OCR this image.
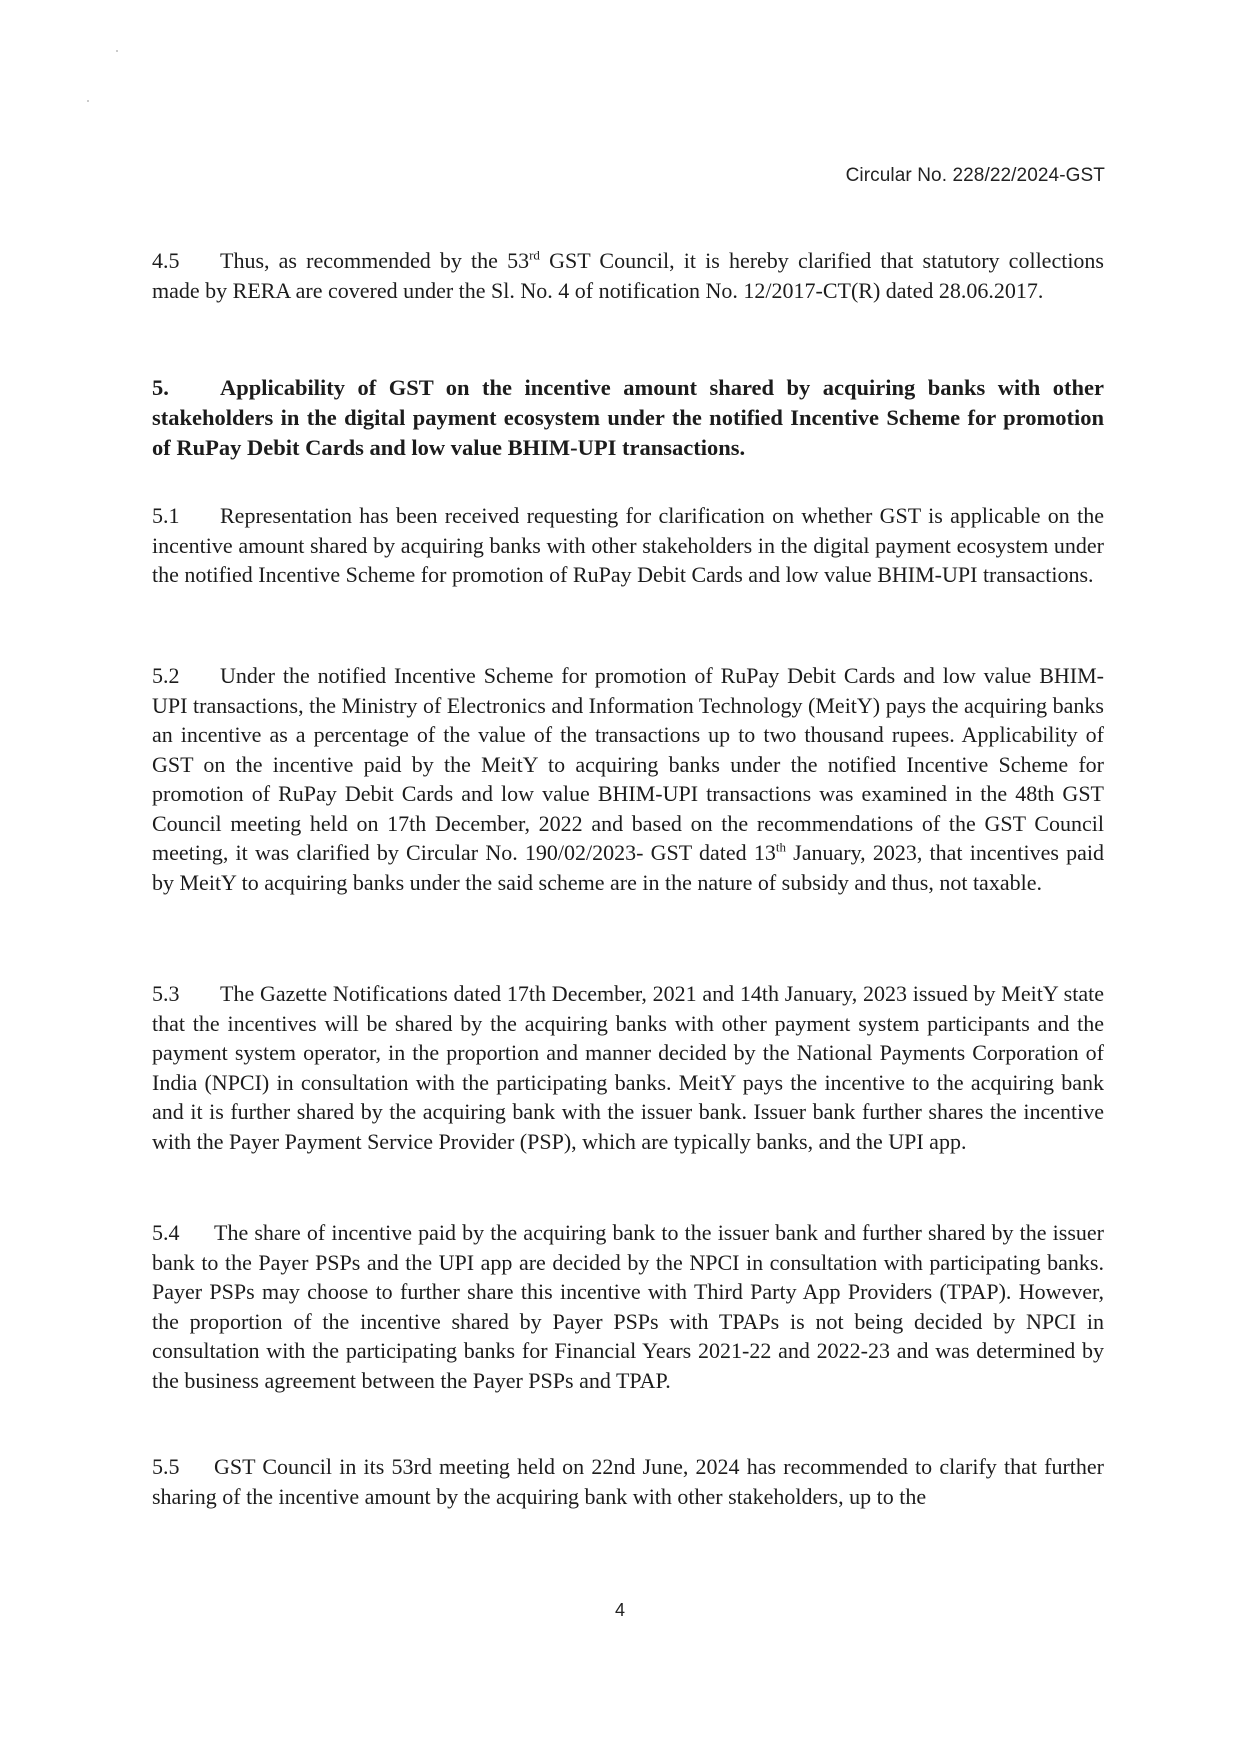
Circular No. 228/22/2024-GST

4.5 Thus, as recommended by the 53rd GST Council, it is hereby clarified that statutory collections made by RERA are covered under the Sl. No. 4 of notification No. 12/2017-CT(R) dated 28.06.2017.

5. Applicability of GST on the incentive amount shared by acquiring banks with other stakeholders in the digital payment ecosystem under the notified Incentive Scheme for promotion of RuPay Debit Cards and low value BHIM-UPI transactions.

5.1 Representation has been received requesting for clarification on whether GST is applicable on the incentive amount shared by acquiring banks with other stakeholders in the digital payment ecosystem under the notified Incentive Scheme for promotion of RuPay Debit Cards and low value BHIM-UPI transactions.

5.2 Under the notified Incentive Scheme for promotion of RuPay Debit Cards and low value BHIM-UPI transactions, the Ministry of Electronics and Information Technology (MeitY) pays the acquiring banks an incentive as a percentage of the value of the transactions up to two thousand rupees. Applicability of GST on the incentive paid by the MeitY to acquiring banks under the notified Incentive Scheme for promotion of RuPay Debit Cards and low value BHIM-UPI transactions was examined in the 48th GST Council meeting held on 17th December, 2022 and based on the recommendations of the GST Council meeting, it was clarified by Circular No. 190/02/2023- GST dated 13th January, 2023, that incentives paid by MeitY to acquiring banks under the said scheme are in the nature of subsidy and thus, not taxable.

5.3 The Gazette Notifications dated 17th December, 2021 and 14th January, 2023 issued by MeitY state that the incentives will be shared by the acquiring banks with other payment system participants and the payment system operator, in the proportion and manner decided by the National Payments Corporation of India (NPCI) in consultation with the participating banks. MeitY pays the incentive to the acquiring bank and it is further shared by the acquiring bank with the issuer bank. Issuer bank further shares the incentive with the Payer Payment Service Provider (PSP), which are typically banks, and the UPI app.

5.4 The share of incentive paid by the acquiring bank to the issuer bank and further shared by the issuer bank to the Payer PSPs and the UPI app are decided by the NPCI in consultation with participating banks. Payer PSPs may choose to further share this incentive with Third Party App Providers (TPAP). However, the proportion of the incentive shared by Payer PSPs with TPAPs is not being decided by NPCI in consultation with the participating banks for Financial Years 2021-22 and 2022-23 and was determined by the business agreement between the Payer PSPs and TPAP.

5.5 GST Council in its 53rd meeting held on 22nd June, 2024 has recommended to clarify that further sharing of the incentive amount by the acquiring bank with other stakeholders, up to the

4
